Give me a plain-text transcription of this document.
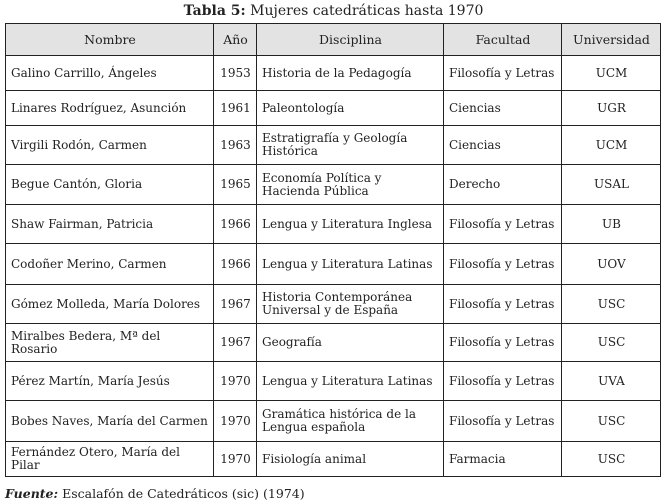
Tabla 5: Mujeres catedráticas hasta 1970
Nombre	Año	Disciplina	Facultad	Universidad
Galino Carrillo, Ángeles	1953	Historia de la Pedagogía	Filosofía y Letras	UCM
Linares Rodríguez, Asunción	1961	Paleontología	Ciencias	UGR
Virgili Rodón, Carmen	1963	Estratigrafía y Geología Histórica	Ciencias	UCM
Begue Cantón, Gloria	1965	Economía Política y Hacienda Pública	Derecho	USAL
Shaw Fairman, Patricia	1966	Lengua y Literatura Inglesa	Filosofía y Letras	UB
Codoñer Merino, Carmen	1966	Lengua y Literatura Latinas	Filosofía y Letras	UOV
Gómez Molleda, María Dolores	1967	Historia Contemporánea Universal y de España	Filosofía y Letras	USC
Miralbes Bedera, Mª del Rosario	1967	Geografía	Filosofía y Letras	USC
Pérez Martín, María Jesús	1970	Lengua y Literatura Latinas	Filosofía y Letras	UVA
Bobes Naves, María del Carmen	1970	Gramática histórica de la Lengua española	Filosofía y Letras	USC
Fernández Otero, María del Pilar	1970	Fisiología animal	Farmacia	USC
Fuente: Escalafón de Catedráticos (sic) (1974)
